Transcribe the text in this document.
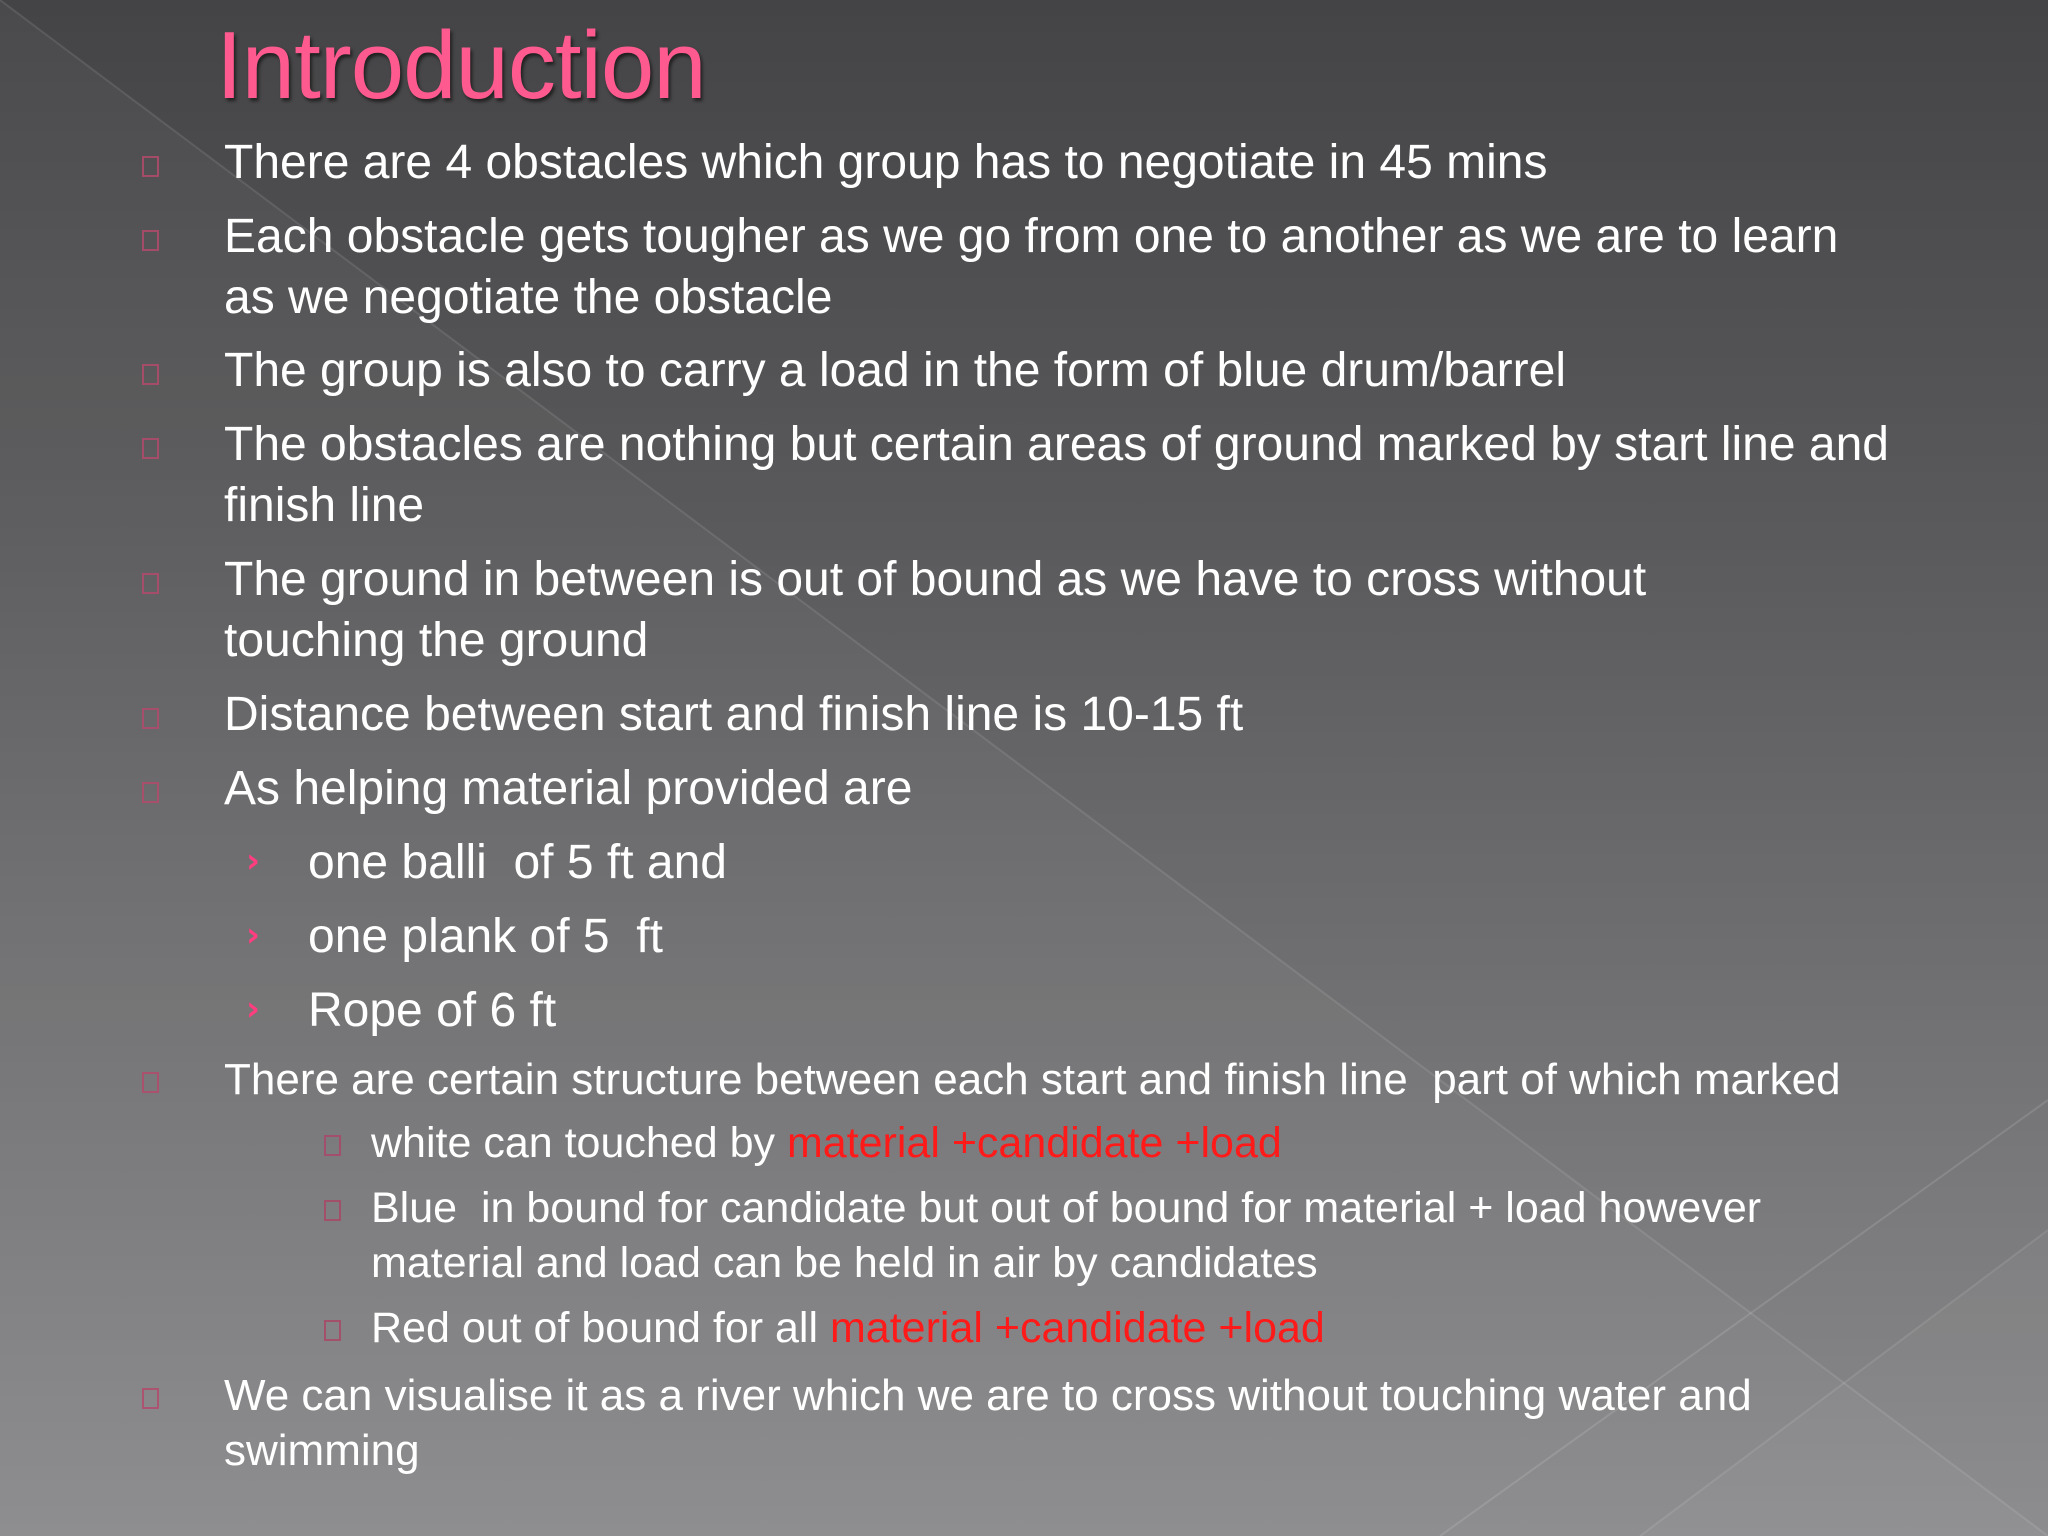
Introduction
There are 4 obstacles which group has to negotiate in 45 mins
Each obstacle gets tougher as we go from one to another as we are to learn as we negotiate the obstacle
The group is also to carry a load in the form of blue drum/barrel
The obstacles are nothing but certain areas of ground marked by start line and finish line
The ground in between is out of bound as we have to cross without touching the ground
Distance between start and finish line is 10-15 ft
As helping material provided are
› one balli  of 5 ft and
› one plank of 5  ft
› Rope of 6 ft
There are certain structure between each start and finish line  part of which marked
white can touched by material +candidate +load
Blue  in bound for candidate but out of bound for material + load however material and load can be held in air by candidates
Red out of bound for all material +candidate +load
We can visualise it as a river which we are to cross without touching water and swimming
